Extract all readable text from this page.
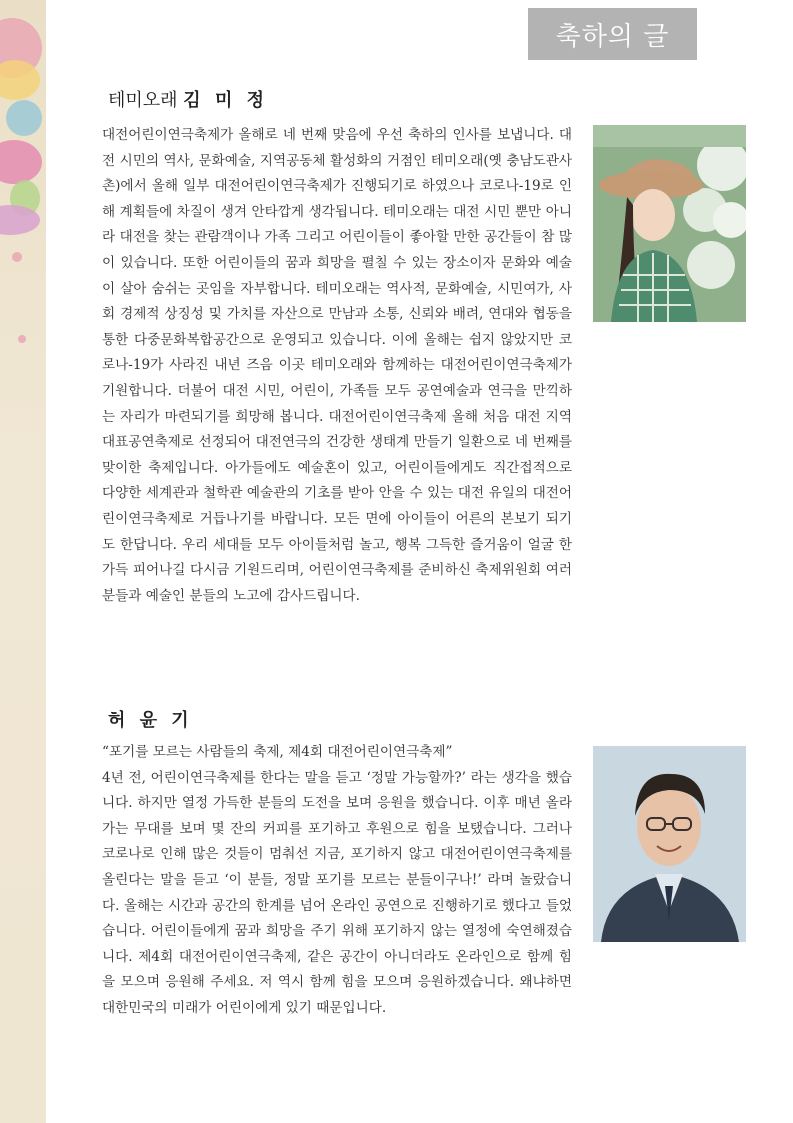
축하의 글
테미오래 김 미 정

대전어린이연극축제가 올해로 네 번째 맞음에 우선 축하의 인사를 보냅니다. 대전 시민의 역사, 문화예술, 지역공동체 활성화의 거점인 테미오래(옛 충남도관사촌)에서 올해 일부 대전어린이연극축제가 진행되기로 하였으나 코로나-19로 인해 계획들에 차질이 생겨 안타깝게 생각됩니다. 테미오래는 대전 시민 뿐만 아니라 대전을 찾는 관람객이나 가족 그리고 어린이들이 좋아할 만한 공간들이 참 많이 있습니다. 또한 어린이들의 꿈과 희망을 펼칠 수 있는 장소이자 문화와 예술이 살아 숨쉬는 곳임을 자부합니다. 테미오래는 역사적, 문화예술, 시민여가, 사회 경제적 상징성 및 가치를 자산으로 만남과 소통, 신뢰와 배려, 연대와 협동을 통한 다중문화복합공간으로 운영되고 있습니다. 이에 올해는 쉽지 않았지만 코로나-19가 사라진 내년 즈음 이곳 테미오래와 함께하는 대전어린이연극축제가 기원합니다. 더불어 대전 시민, 어린이, 가족들 모두 공연예술과 연극을 만끽하는 자리가 마련되기를 희망해 봅니다. 대전어린이연극축제 올해 처음 대전 지역대표공연축제로 선정되어 대전연극의 건강한 생태계 만들기 일환으로 네 번째를 맞이한 축제입니다. 아가들에도 예술혼이 있고, 어린이들에게도 직간접적으로 다양한 세계관과 철학관 예술관의 기초를 받아 안을 수 있는 대전 유일의 대전어린이연극축제로 거듭나기를 바랍니다. 모든 면에 아이들이 어른의 본보기 되기도 한답니다. 우리 세대들 모두 아이들처럼 놀고, 행복 그득한 즐거움이 얼굴 한 가득 피어나길 다시금 기원드리며, 어린이연극축제를 준비하신 축제위원회 여러분들과 예술인 분들의 노고에 감사드립니다.

허 윤 기

“포기를 모르는 사람들의 축제, 제4회 대전어린이연극축제”

4년 전, 어린이연극축제를 한다는 말을 듣고 ‘정말 가능할까?’ 라는 생각을 했습니다. 하지만 열정 가득한 분들의 도전을 보며 응원을 했습니다. 이후 매년 올라가는 무대를 보며 몇 잔의 커피를 포기하고 후원으로 힘을 보탰습니다. 그러나 코로나로 인해 많은 것들이 멈춰선 지금, 포기하지 않고 대전어린이연극축제를 올린다는 말을 듣고 ‘이 분들, 정말 포기를 모르는 분들이구나!’ 라며 놀랐습니다. 올해는 시간과 공간의 한계를 넘어 온라인 공연으로 진행하기로 했다고 들었습니다. 어린이들에게 꿈과 희망을 주기 위해 포기하지 않는 열정에 숙연해졌습니다. 제4회 대전어린이연극축제, 같은 공간이 아니더라도 온라인으로 함께 힘을 모으며 응원해 주세요. 저 역시 함께 힘을 모으며 응원하겠습니다. 왜냐하면 대한민국의 미래가 어린이에게 있기 때문입니다.
